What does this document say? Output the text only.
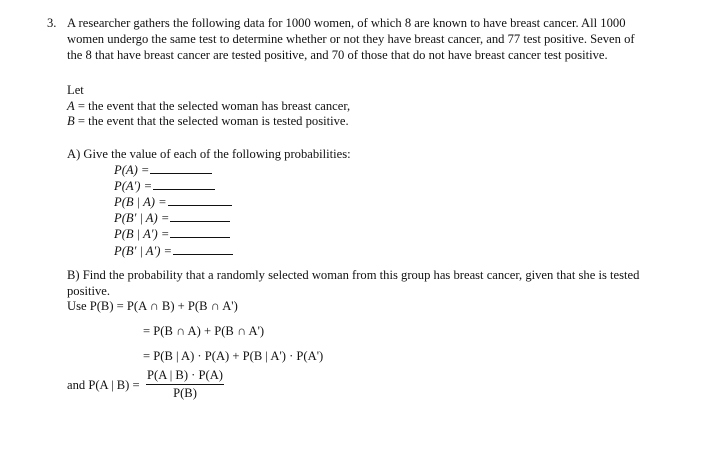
3. A researcher gathers the following data for 1000 women, of which 8 are known to have breast cancer. All 1000
women undergo the same test to determine whether or not they have breast cancer, and 77 test positive. Seven of
the 8 that have breast cancer are tested positive, and 70 of those that do not have breast cancer test positive.
Let
A = the event that the selected woman has breast cancer,
B = the event that the selected woman is tested positive.
A) Give the value of each of the following probabilities:
P(A) =
P(A') =
P(B | A) =
P(B' | A) =
P(B | A') =
P(B' | A') =
B) Find the probability that a randomly selected woman from this group has breast cancer, given that she is tested
positive.
Use P(B) = P(A ∩ B) + P(B ∩ A')
= P(B ∩ A) + P(B ∩ A')
= P(B | A) · P(A) + P(B | A') · P(A')
and P(A | B) =
P(A | B) · P(A)
P(B)
